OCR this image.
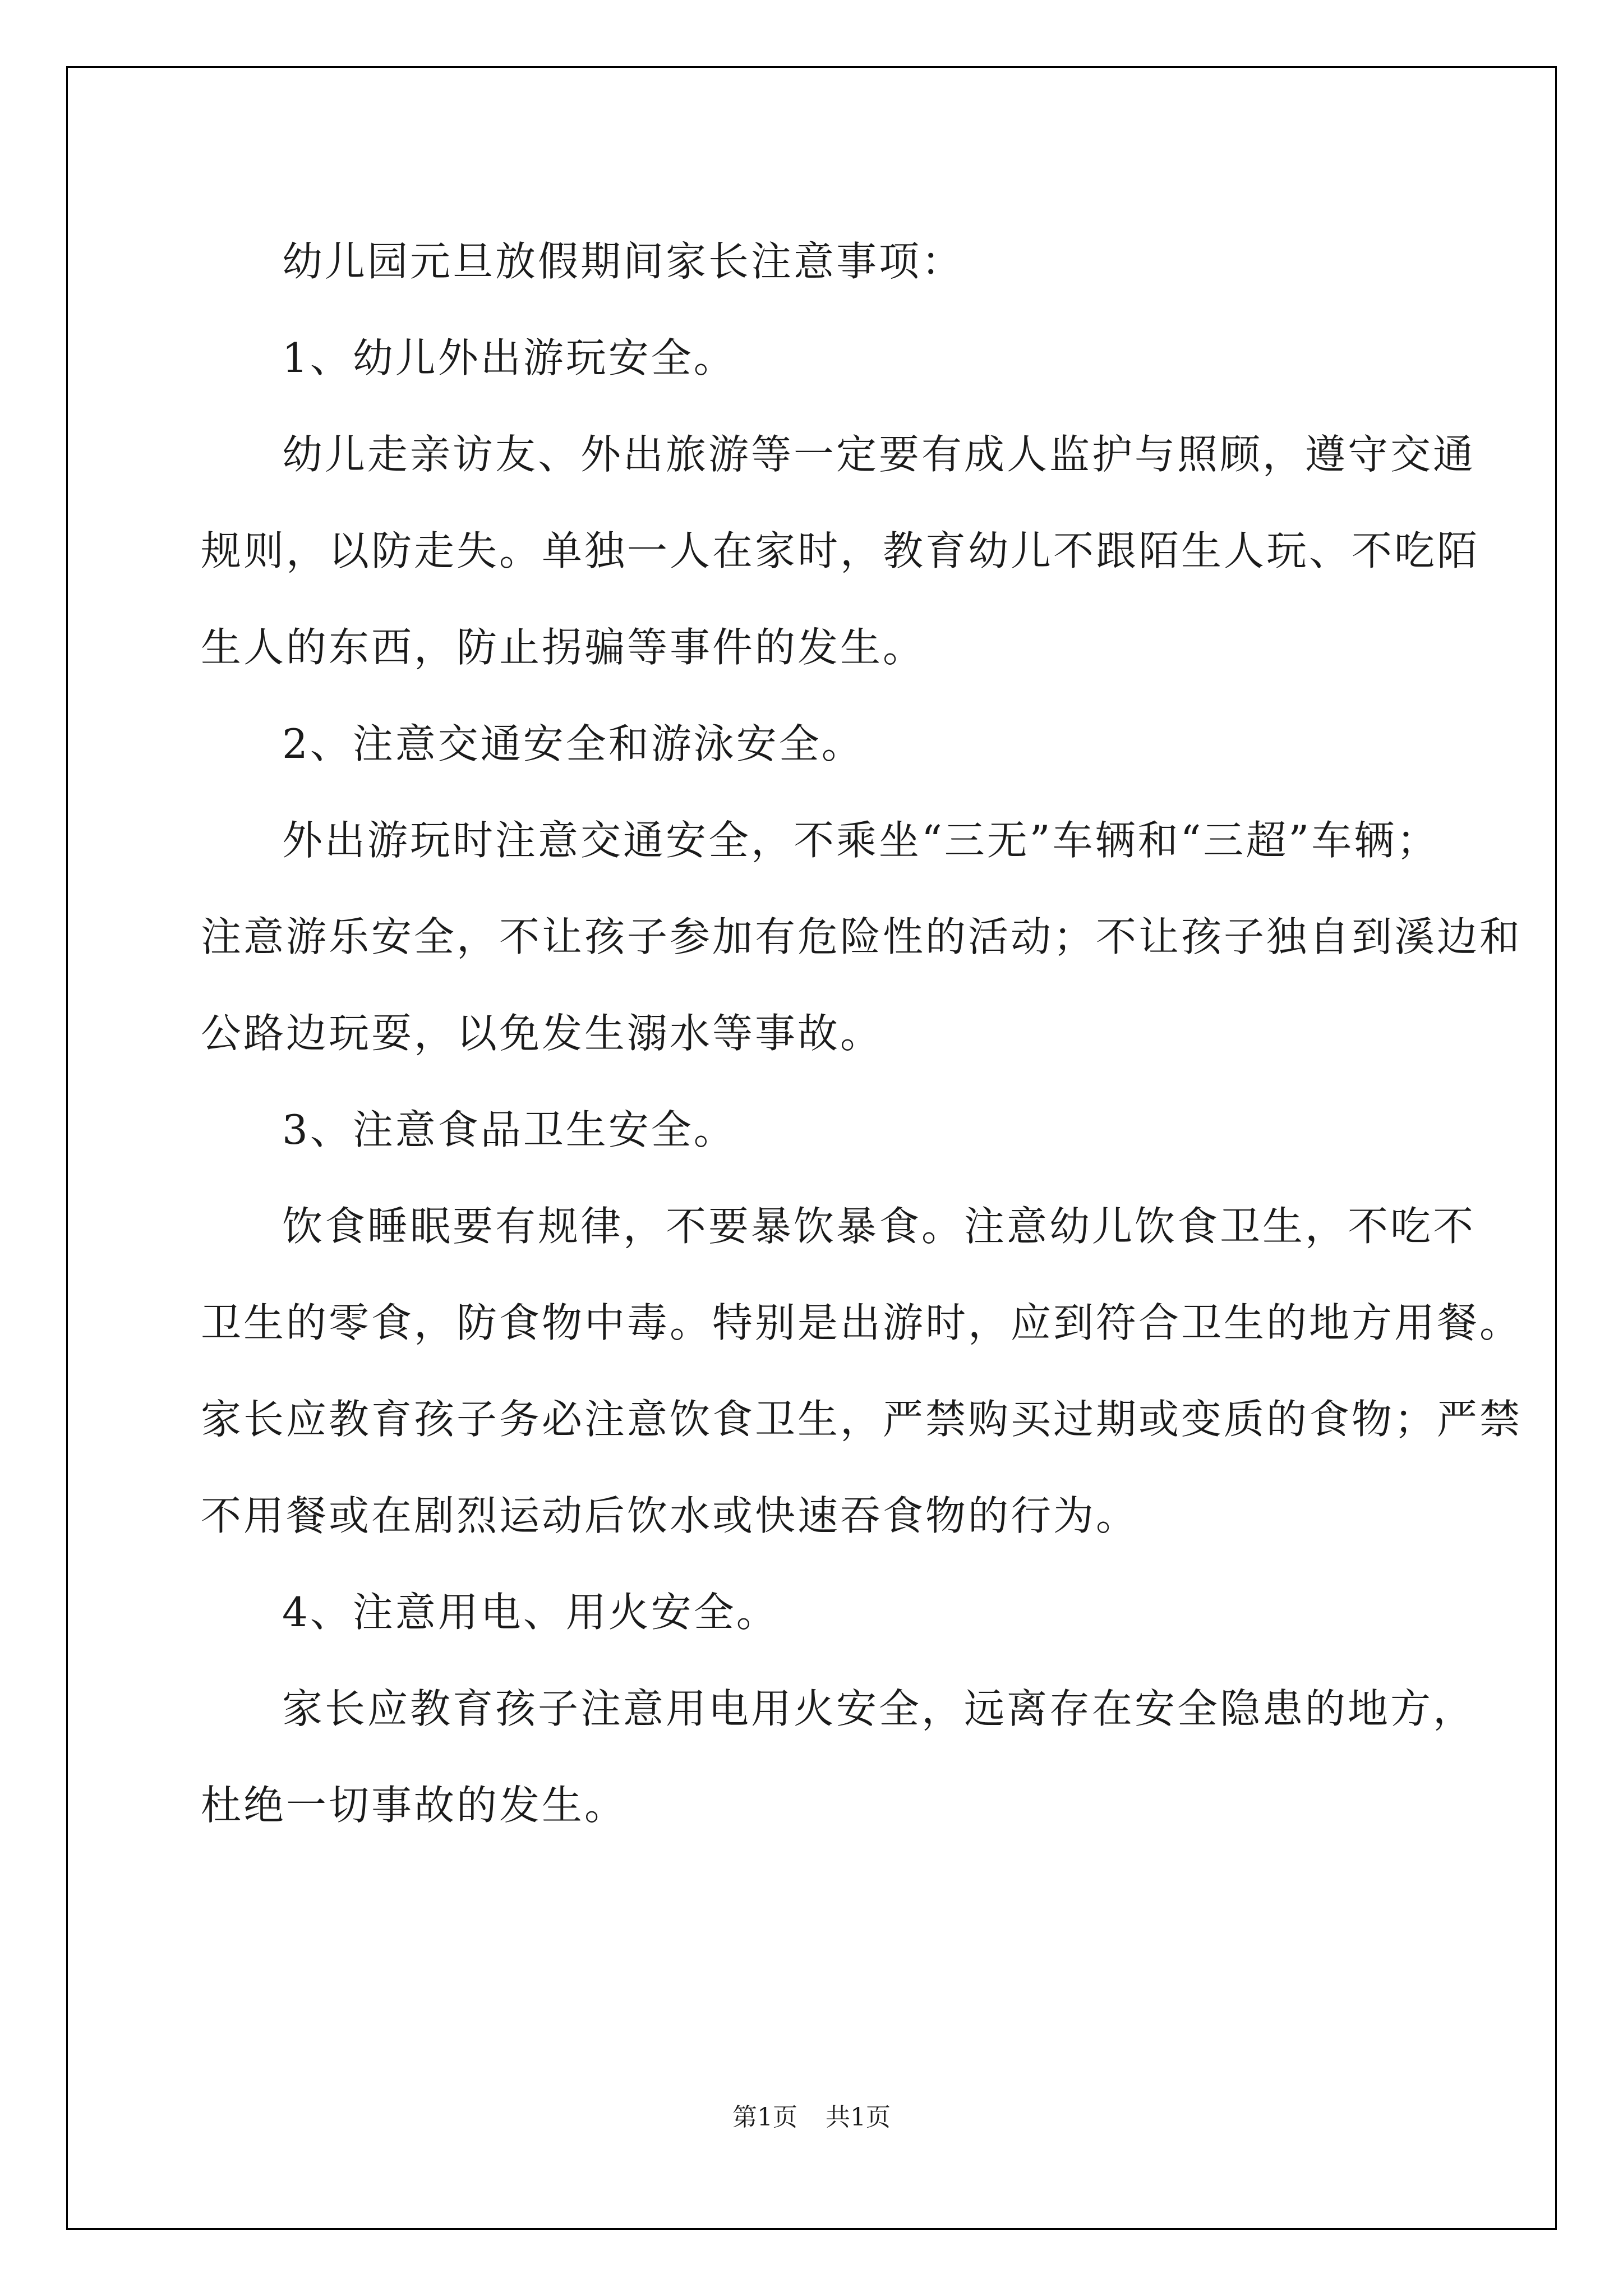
幼儿园元旦放假期间家长注意事项：

1、幼儿外出游玩安全。

幼儿走亲访友、外出旅游等一定要有成人监护与照顾，遵守交通

规则，以防走失。单独一人在家时，教育幼儿不跟陌生人玩、不吃陌

生人的东西，防止拐骗等事件的发生。

2、注意交通安全和游泳安全。

外出游玩时注意交通安全，不乘坐“三无”车辆和“三超”车辆；

注意游乐安全，不让孩子参加有危险性的活动；不让孩子独自到溪边和

公路边玩耍，以免发生溺水等事故。

3、注意食品卫生安全。

饮食睡眠要有规律，不要暴饮暴食。注意幼儿饮食卫生，不吃不

卫生的零食，防食物中毒。特别是出游时，应到符合卫生的地方用餐。

家长应教育孩子务必注意饮食卫生，严禁购买过期或变质的食物；严禁

不用餐或在剧烈运动后饮水或快速吞食物的行为。

4、注意用电、用火安全。

家长应教育孩子注意用电用火安全，远离存在安全隐患的地方，

杜绝一切事故的发生。

第1页 共1页
